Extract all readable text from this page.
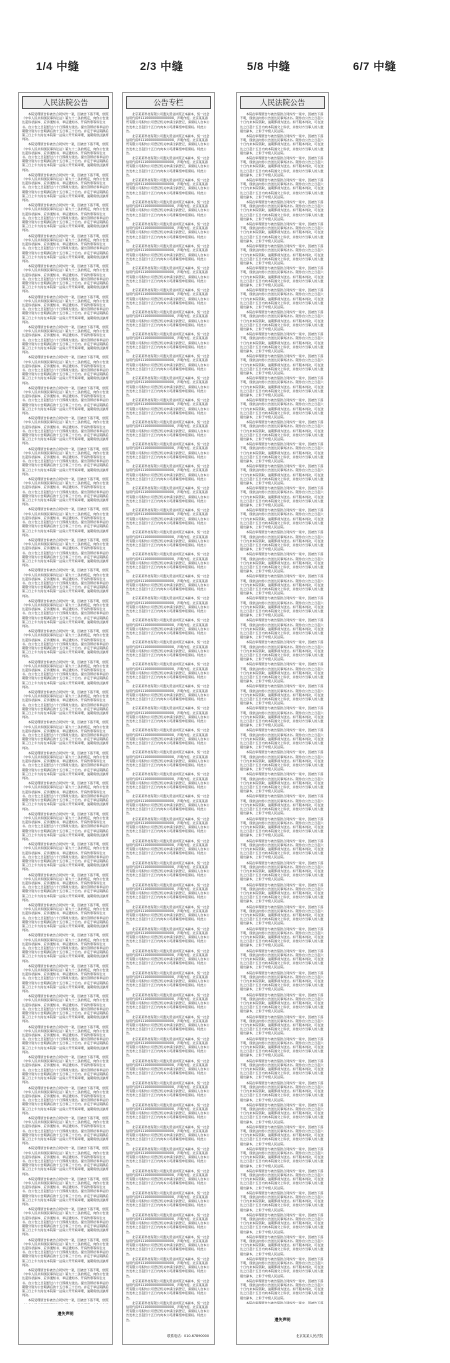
1/4 中缝	2/3 中缝	5/8 中缝	6/7 中缝
人民法院公告

本院受理原告诉被告合同纠纷一案，因被告下落不明，依照《中华人民共和国民事诉讼法》第九十二条的规定，向你公告送达起诉状副本、应诉通知书、举证通知书、开庭传票等诉讼文书。自公告之日起经过六十日即视为送达。提出答辩状和举证的期限分别为公告期满后的十五日和三十日内。并定于举证期满后第三日上午九时在本院第一法庭公开开庭审理，逾期将依法缺席判决。

本院受理原告诉被告合同纠纷一案，因被告下落不明，依照《中华人民共和国民事诉讼法》第九十二条的规定，向你公告送达起诉状副本、应诉通知书、举证通知书、开庭传票等诉讼文书。自公告之日起经过六十日即视为送达。提出答辩状和举证的期限分别为公告期满后的十五日和三十日内。并定于举证期满后第三日上午九时在本院第一法庭公开开庭审理，逾期将依法缺席判决。

本院受理原告诉被告合同纠纷一案，因被告下落不明，依照《中华人民共和国民事诉讼法》第九十二条的规定，向你公告送达起诉状副本、应诉通知书、举证通知书、开庭传票等诉讼文书。自公告之日起经过六十日即视为送达。提出答辩状和举证的期限分别为公告期满后的十五日和三十日内。并定于举证期满后第三日上午九时在本院第一法庭公开开庭审理，逾期将依法缺席判决。

本院受理原告诉被告合同纠纷一案，因被告下落不明，依照《中华人民共和国民事诉讼法》第九十二条的规定，向你公告送达起诉状副本、应诉通知书、举证通知书、开庭传票等诉讼文书。自公告之日起经过六十日即视为送达。提出答辩状和举证的期限分别为公告期满后的十五日和三十日内。并定于举证期满后第三日上午九时在本院第一法庭公开开庭审理，逾期将依法缺席判决。

本院受理原告诉被告合同纠纷一案，因被告下落不明，依照《中华人民共和国民事诉讼法》第九十二条的规定，向你公告送达起诉状副本、应诉通知书、举证通知书、开庭传票等诉讼文书。自公告之日起经过六十日即视为送达。提出答辩状和举证的期限分别为公告期满后的十五日和三十日内。并定于举证期满后第三日上午九时在本院第一法庭公开开庭审理，逾期将依法缺席判决。

本院受理原告诉被告合同纠纷一案，因被告下落不明，依照《中华人民共和国民事诉讼法》第九十二条的规定，向你公告送达起诉状副本、应诉通知书、举证通知书、开庭传票等诉讼文书。自公告之日起经过六十日即视为送达。提出答辩状和举证的期限分别为公告期满后的十五日和三十日内。并定于举证期满后第三日上午九时在本院第一法庭公开开庭审理，逾期将依法缺席判决。

本院受理原告诉被告合同纠纷一案，因被告下落不明，依照《中华人民共和国民事诉讼法》第九十二条的规定，向你公告送达起诉状副本、应诉通知书、举证通知书、开庭传票等诉讼文书。自公告之日起经过六十日即视为送达。提出答辩状和举证的期限分别为公告期满后的十五日和三十日内。并定于举证期满后第三日上午九时在本院第一法庭公开开庭审理，逾期将依法缺席判决。

本院受理原告诉被告合同纠纷一案，因被告下落不明，依照《中华人民共和国民事诉讼法》第九十二条的规定，向你公告送达起诉状副本、应诉通知书、举证通知书、开庭传票等诉讼文书。自公告之日起经过六十日即视为送达。提出答辩状和举证的期限分别为公告期满后的十五日和三十日内。并定于举证期满后第三日上午九时在本院第一法庭公开开庭审理，逾期将依法缺席判决。

本院受理原告诉被告合同纠纷一案，因被告下落不明，依照《中华人民共和国民事诉讼法》第九十二条的规定，向你公告送达起诉状副本、应诉通知书、举证通知书、开庭传票等诉讼文书。自公告之日起经过六十日即视为送达。提出答辩状和举证的期限分别为公告期满后的十五日和三十日内。并定于举证期满后第三日上午九时在本院第一法庭公开开庭审理，逾期将依法缺席判决。

本院受理原告诉被告合同纠纷一案，因被告下落不明，依照《中华人民共和国民事诉讼法》第九十二条的规定，向你公告送达起诉状副本、应诉通知书、举证通知书、开庭传票等诉讼文书。自公告之日起经过六十日即视为送达。提出答辩状和举证的期限分别为公告期满后的十五日和三十日内。并定于举证期满后第三日上午九时在本院第一法庭公开开庭审理，逾期将依法缺席判决。

本院受理原告诉被告合同纠纷一案，因被告下落不明，依照《中华人民共和国民事诉讼法》第九十二条的规定，向你公告送达起诉状副本、应诉通知书、举证通知书、开庭传票等诉讼文书。自公告之日起经过六十日即视为送达。提出答辩状和举证的期限分别为公告期满后的十五日和三十日内。并定于举证期满后第三日上午九时在本院第一法庭公开开庭审理，逾期将依法缺席判决。

本院受理原告诉被告合同纠纷一案，因被告下落不明，依照《中华人民共和国民事诉讼法》第九十二条的规定，向你公告送达起诉状副本、应诉通知书、举证通知书、开庭传票等诉讼文书。自公告之日起经过六十日即视为送达。提出答辩状和举证的期限分别为公告期满后的十五日和三十日内。并定于举证期满后第三日上午九时在本院第一法庭公开开庭审理，逾期将依法缺席判决。

本院受理原告诉被告合同纠纷一案，因被告下落不明，依照《中华人民共和国民事诉讼法》第九十二条的规定，向你公告送达起诉状副本、应诉通知书、举证通知书、开庭传票等诉讼文书。自公告之日起经过六十日即视为送达。提出答辩状和举证的期限分别为公告期满后的十五日和三十日内。并定于举证期满后第三日上午九时在本院第一法庭公开开庭审理，逾期将依法缺席判决。

本院受理原告诉被告合同纠纷一案，因被告下落不明，依照《中华人民共和国民事诉讼法》第九十二条的规定，向你公告送达起诉状副本、应诉通知书、举证通知书、开庭传票等诉讼文书。自公告之日起经过六十日即视为送达。提出答辩状和举证的期限分别为公告期满后的十五日和三十日内。并定于举证期满后第三日上午九时在本院第一法庭公开开庭审理，逾期将依法缺席判决。

本院受理原告诉被告合同纠纷一案，因被告下落不明，依照《中华人民共和国民事诉讼法》第九十二条的规定，向你公告送达起诉状副本、应诉通知书、举证通知书、开庭传票等诉讼文书。自公告之日起经过六十日即视为送达。提出答辩状和举证的期限分别为公告期满后的十五日和三十日内。并定于举证期满后第三日上午九时在本院第一法庭公开开庭审理，逾期将依法缺席判决。

本院受理原告诉被告合同纠纷一案，因被告下落不明，依照《中华人民共和国民事诉讼法》第九十二条的规定，向你公告送达起诉状副本、应诉通知书、举证通知书、开庭传票等诉讼文书。自公告之日起经过六十日即视为送达。提出答辩状和举证的期限分别为公告期满后的十五日和三十日内。并定于举证期满后第三日上午九时在本院第一法庭公开开庭审理，逾期将依法缺席判决。

本院受理原告诉被告合同纠纷一案，因被告下落不明，依照《中华人民共和国民事诉讼法》第九十二条的规定，向你公告送达起诉状副本、应诉通知书、举证通知书、开庭传票等诉讼文书。自公告之日起经过六十日即视为送达。提出答辩状和举证的期限分别为公告期满后的十五日和三十日内。并定于举证期满后第三日上午九时在本院第一法庭公开开庭审理，逾期将依法缺席判决。

本院受理原告诉被告合同纠纷一案，因被告下落不明，依照《中华人民共和国民事诉讼法》第九十二条的规定，向你公告送达起诉状副本、应诉通知书、举证通知书、开庭传票等诉讼文书。自公告之日起经过六十日即视为送达。提出答辩状和举证的期限分别为公告期满后的十五日和三十日内。并定于举证期满后第三日上午九时在本院第一法庭公开开庭审理，逾期将依法缺席判决。

本院受理原告诉被告合同纠纷一案，因被告下落不明，依照《中华人民共和国民事诉讼法》第九十二条的规定，向你公告送达起诉状副本、应诉通知书、举证通知书、开庭传票等诉讼文书。自公告之日起经过六十日即视为送达。提出答辩状和举证的期限分别为公告期满后的十五日和三十日内。并定于举证期满后第三日上午九时在本院第一法庭公开开庭审理，逾期将依法缺席判决。

本院受理原告诉被告合同纠纷一案，因被告下落不明，依照《中华人民共和国民事诉讼法》第九十二条的规定，向你公告送达起诉状副本、应诉通知书、举证通知书、开庭传票等诉讼文书。自公告之日起经过六十日即视为送达。提出答辩状和举证的期限分别为公告期满后的十五日和三十日内。并定于举证期满后第三日上午九时在本院第一法庭公开开庭审理，逾期将依法缺席判决。

本院受理原告诉被告合同纠纷一案，因被告下落不明，依照《中华人民共和国民事诉讼法》第九十二条的规定，向你公告送达起诉状副本、应诉通知书、举证通知书、开庭传票等诉讼文书。自公告之日起经过六十日即视为送达。提出答辩状和举证的期限分别为公告期满后的十五日和三十日内。并定于举证期满后第三日上午九时在本院第一法庭公开开庭审理，逾期将依法缺席判决。

本院受理原告诉被告合同纠纷一案，因被告下落不明，依照《中华人民共和国民事诉讼法》第九十二条的规定，向你公告送达起诉状副本、应诉通知书、举证通知书、开庭传票等诉讼文书。自公告之日起经过六十日即视为送达。提出答辩状和举证的期限分别为公告期满后的十五日和三十日内。并定于举证期满后第三日上午九时在本院第一法庭公开开庭审理，逾期将依法缺席判决。

本院受理原告诉被告合同纠纷一案，因被告下落不明，依照《中华人民共和国民事诉讼法》第九十二条的规定，向你公告送达起诉状副本、应诉通知书、举证通知书、开庭传票等诉讼文书。自公告之日起经过六十日即视为送达。提出答辩状和举证的期限分别为公告期满后的十五日和三十日内。并定于举证期满后第三日上午九时在本院第一法庭公开开庭审理，逾期将依法缺席判决。

本院受理原告诉被告合同纠纷一案，因被告下落不明，依照《中华人民共和国民事诉讼法》第九十二条的规定，向你公告送达起诉状副本、应诉通知书、举证通知书、开庭传票等诉讼文书。自公告之日起经过六十日即视为送达。提出答辩状和举证的期限分别为公告期满后的十五日和三十日内。并定于举证期满后第三日上午九时在本院第一法庭公开开庭审理，逾期将依法缺席判决。

本院受理原告诉被告合同纠纷一案，因被告下落不明，依照《中华人民共和国民事诉讼法》第九十二条的规定，向你公告送达起诉状副本、应诉通知书、举证通知书、开庭传票等诉讼文书。自公告之日起经过六十日即视为送达。提出答辩状和举证的期限分别为公告期满后的十五日和三十日内。并定于举证期满后第三日上午九时在本院第一法庭公开开庭审理，逾期将依法缺席判决。

本院受理原告诉被告合同纠纷一案，因被告下落不明，依照《中华人民共和国民事诉讼法》第九十二条的规定，向你公告送达起诉状副本、应诉通知书、举证通知书、开庭传票等诉讼文书。自公告之日起经过六十日即视为送达。提出答辩状和举证的期限分别为公告期满后的十五日和三十日内。并定于举证期满后第三日上午九时在本院第一法庭公开开庭审理，逾期将依法缺席判决。

本院受理原告诉被告合同纠纷一案，因被告下落不明，依照《中华人民共和国民事诉讼法》第九十二条的规定，向你公告送达起诉状副本、应诉通知书、举证通知书、开庭传票等诉讼文书。自公告之日起经过六十日即视为送达。提出答辩状和举证的期限分别为公告期满后的十五日和三十日内。并定于举证期满后第三日上午九时在本院第一法庭公开开庭审理，逾期将依法缺席判决。

本院受理原告诉被告合同纠纷一案，因被告下落不明，依照《中华人民共和国民事诉讼法》第九十二条的规定，向你公告送达起诉状副本、应诉通知书、举证通知书、开庭传票等诉讼文书。自公告之日起经过六十日即视为送达。提出答辩状和举证的期限分别为公告期满后的十五日和三十日内。并定于举证期满后第三日上午九时在本院第一法庭公开开庭审理，逾期将依法缺席判决。

本院受理原告诉被告合同纠纷一案，因被告下落不明，依照《中华人民共和国民事诉讼法》第九十二条的规定，向你公告送达起诉状副本、应诉通知书、举证通知书、开庭传票等诉讼文书。自公告之日起经过六十日即视为送达。提出答辩状和举证的期限分别为公告期满后的十五日和三十日内。并定于举证期满后第三日上午九时在本院第一法庭公开开庭审理，逾期将依法缺席判决。

本院受理原告诉被告合同纠纷一案，因被告下落不明，依照《中华人民共和国民事诉讼法》第九十二条的规定，向你公告送达起诉状副本、应诉通知书、举证通知书、开庭传票等诉讼文书。自公告之日起经过六十日即视为送达。提出答辩状和举证的期限分别为公告期满后的十五日和三十日内。并定于举证期满后第三日上午九时在本院第一法庭公开开庭审理，逾期将依法缺席判决。

本院受理原告诉被告合同纠纷一案，因被告下落不明，依照《中华人民共和国民事诉讼法》第九十二条的规定，向你公告送达起诉状副本、应诉通知书、举证通知书、开庭传票等诉讼文书。自公告之日起经过六十日即视为送达。提出答辩状和举证的期限分别为公告期满后的十五日和三十日内。并定于举证期满后第三日上午九时在本院第一法庭公开开庭审理，逾期将依法缺席判决。

本院受理原告诉被告合同纠纷一案，因被告下落不明，依照《中华人民共和国民事诉讼法》第九十二条的规定，向你公告送达起诉状副本、应诉通知书、举证通知书、开庭传票等诉讼文书。自公告之日起经过六十日即视为送达。提出答辩状和举证的期限分别为公告期满后的十五日和三十日内。并定于举证期满后第三日上午九时在本院第一法庭公开开庭审理，逾期将依法缺席判决。

本院受理原告诉被告合同纠纷一案，因被告下落不明，依照《中华人民共和国民事诉讼法》第九十二条的规定，向你公告送达起诉状副本、应诉通知书、举证通知书、开庭传票等诉讼文书。自公告之日起经过六十日即视为送达。提出答辩状和举证的期限分别为公告期满后的十五日和三十日内。并定于举证期满后第三日上午九时在本院第一法庭公开开庭审理，逾期将依法缺席判决。

本院受理原告诉被告合同纠纷一案，因被告下落不明，依照《中华人民共和国民事诉讼法》第九十二条的规定，向你公告送达起诉状副本、应诉通知书、举证通知书、开庭传票等诉讼文书。自公告之日起经过六十日即视为送达。提出答辩状和举证的期限分别为公告期满后的十五日和三十日内。并定于举证期满后第三日上午九时在本院第一法庭公开开庭审理，逾期将依法缺席判决。

本院受理原告诉被告合同纠纷一案，因被告下落不明，依照《中华人民共和国民事诉讼法》第九十二条的规定，向你公告送达起诉状副本、应诉通知书、举证通知书、开庭传票等诉讼文书。自公告之日起经过六十日即视为送达。提出答辩状和举证的期限分别为公告期满后的十五日和三十日内。并定于举证期满后第三日上午九时在本院第一法庭公开开庭审理，逾期将依法缺席判决。

本院受理原告诉被告合同纠纷一案，因被告下落不明，依照《中华人民共和国民事诉讼法》第九十二条的规定，向你公告送达起诉状副本、应诉通知书、举证通知书、开庭传票等诉讼文书。自公告之日起经过六十日即视为送达。提出答辩状和举证的期限分别为公告期满后的十五日和三十日内。并定于举证期满后第三日上午九时在本院第一法庭公开开庭审理，逾期将依法缺席判决。

本院受理原告诉被告合同纠纷一案，因被告下落不明，依照《中华人民共和国民事诉讼法》第九十二条的规定，向你公告送达起诉状副本、应诉通知书、举证通知书、开庭传票等诉讼文书。自公告之日起经过六十日即视为送达。提出答辩状和举证的期限分别为公告期满后的十五日和三十日内。并定于举证期满后第三日上午九时在本院第一法庭公开开庭审理，逾期将依法缺席判决。

本院受理原告诉被告合同纠纷一案，因被告下落不明，依照《中华人民共和国民事诉讼法》第九十二条的规定，向你公告送达起诉状副本、应诉通知书、举证通知书、开庭传票等诉讼文书。自公告之日起经过六十日即视为送达。提出答辩状和举证的期限分别为公告期满后的十五日和三十日内。并定于举证期满后第三日上午九时在本院第一法庭公开开庭审理，逾期将依法缺席判决。

本院受理原告诉被告合同纠纷一案，因被告下落不明，依照《中华人民共和国民事诉讼法》第九十二条的规定，向你公告送达起诉状副本、应诉通知书、举证通知书、开庭传票等诉讼文书。自公告之日起经过六十日即视为送达。提出答辩状和举证的期限分别为公告期满后的十五日和三十日内。并定于举证期满后第三日上午九时在本院第一法庭公开开庭审理，逾期将依法缺席判决。

本院受理原告诉被告合同纠纷一案，因被告下落不明，依照

遗失声明
公告专栏

北京某某科技有限公司遗失营业执照正本副本，统一社会信用代码91110000000000000X，声明作废。北京某某商贸有限公司拟向公司登记机关申请注销登记，请债权人自本公告发布之日起四十五日内向本公司清算组申报债权。特此公告。

北京某某科技有限公司遗失营业执照正本副本，统一社会信用代码91110000000000000X，声明作废。北京某某商贸有限公司拟向公司登记机关申请注销登记，请债权人自本公告发布之日起四十五日内向本公司清算组申报债权。特此公告。

北京某某科技有限公司遗失营业执照正本副本，统一社会信用代码91110000000000000X，声明作废。北京某某商贸有限公司拟向公司登记机关申请注销登记，请债权人自本公告发布之日起四十五日内向本公司清算组申报债权。特此公告。

北京某某科技有限公司遗失营业执照正本副本，统一社会信用代码91110000000000000X，声明作废。北京某某商贸有限公司拟向公司登记机关申请注销登记，请债权人自本公告发布之日起四十五日内向本公司清算组申报债权。特此公告。

北京某某科技有限公司遗失营业执照正本副本，统一社会信用代码91110000000000000X，声明作废。北京某某商贸有限公司拟向公司登记机关申请注销登记，请债权人自本公告发布之日起四十五日内向本公司清算组申报债权。特此公告。

北京某某科技有限公司遗失营业执照正本副本，统一社会信用代码91110000000000000X，声明作废。北京某某商贸有限公司拟向公司登记机关申请注销登记，请债权人自本公告发布之日起四十五日内向本公司清算组申报债权。特此公告。

北京某某科技有限公司遗失营业执照正本副本，统一社会信用代码91110000000000000X，声明作废。北京某某商贸有限公司拟向公司登记机关申请注销登记，请债权人自本公告发布之日起四十五日内向本公司清算组申报债权。特此公告。

北京某某科技有限公司遗失营业执照正本副本，统一社会信用代码91110000000000000X，声明作废。北京某某商贸有限公司拟向公司登记机关申请注销登记，请债权人自本公告发布之日起四十五日内向本公司清算组申报债权。特此公告。

北京某某科技有限公司遗失营业执照正本副本，统一社会信用代码91110000000000000X，声明作废。北京某某商贸有限公司拟向公司登记机关申请注销登记，请债权人自本公告发布之日起四十五日内向本公司清算组申报债权。特此公告。

北京某某科技有限公司遗失营业执照正本副本，统一社会信用代码91110000000000000X，声明作废。北京某某商贸有限公司拟向公司登记机关申请注销登记，请债权人自本公告发布之日起四十五日内向本公司清算组申报债权。特此公告。

北京某某科技有限公司遗失营业执照正本副本，统一社会信用代码91110000000000000X，声明作废。北京某某商贸有限公司拟向公司登记机关申请注销登记，请债权人自本公告发布之日起四十五日内向本公司清算组申报债权。特此公告。

北京某某科技有限公司遗失营业执照正本副本，统一社会信用代码91110000000000000X，声明作废。北京某某商贸有限公司拟向公司登记机关申请注销登记，请债权人自本公告发布之日起四十五日内向本公司清算组申报债权。特此公告。

北京某某科技有限公司遗失营业执照正本副本，统一社会信用代码91110000000000000X，声明作废。北京某某商贸有限公司拟向公司登记机关申请注销登记，请债权人自本公告发布之日起四十五日内向本公司清算组申报债权。特此公告。

北京某某科技有限公司遗失营业执照正本副本，统一社会信用代码91110000000000000X，声明作废。北京某某商贸有限公司拟向公司登记机关申请注销登记，请债权人自本公告发布之日起四十五日内向本公司清算组申报债权。特此公告。

北京某某科技有限公司遗失营业执照正本副本，统一社会信用代码91110000000000000X，声明作废。北京某某商贸有限公司拟向公司登记机关申请注销登记，请债权人自本公告发布之日起四十五日内向本公司清算组申报债权。特此公告。

北京某某科技有限公司遗失营业执照正本副本，统一社会信用代码91110000000000000X，声明作废。北京某某商贸有限公司拟向公司登记机关申请注销登记，请债权人自本公告发布之日起四十五日内向本公司清算组申报债权。特此公告。

北京某某科技有限公司遗失营业执照正本副本，统一社会信用代码91110000000000000X，声明作废。北京某某商贸有限公司拟向公司登记机关申请注销登记，请债权人自本公告发布之日起四十五日内向本公司清算组申报债权。特此公告。

北京某某科技有限公司遗失营业执照正本副本，统一社会信用代码91110000000000000X，声明作废。北京某某商贸有限公司拟向公司登记机关申请注销登记，请债权人自本公告发布之日起四十五日内向本公司清算组申报债权。特此公告。

北京某某科技有限公司遗失营业执照正本副本，统一社会信用代码91110000000000000X，声明作废。北京某某商贸有限公司拟向公司登记机关申请注销登记，请债权人自本公告发布之日起四十五日内向本公司清算组申报债权。特此公告。

北京某某科技有限公司遗失营业执照正本副本，统一社会信用代码91110000000000000X，声明作废。北京某某商贸有限公司拟向公司登记机关申请注销登记，请债权人自本公告发布之日起四十五日内向本公司清算组申报债权。特此公告。

北京某某科技有限公司遗失营业执照正本副本，统一社会信用代码91110000000000000X，声明作废。北京某某商贸有限公司拟向公司登记机关申请注销登记，请债权人自本公告发布之日起四十五日内向本公司清算组申报债权。特此公告。

北京某某科技有限公司遗失营业执照正本副本，统一社会信用代码91110000000000000X，声明作废。北京某某商贸有限公司拟向公司登记机关申请注销登记，请债权人自本公告发布之日起四十五日内向本公司清算组申报债权。特此公告。

北京某某科技有限公司遗失营业执照正本副本，统一社会信用代码91110000000000000X，声明作废。北京某某商贸有限公司拟向公司登记机关申请注销登记，请债权人自本公告发布之日起四十五日内向本公司清算组申报债权。特此公告。

北京某某科技有限公司遗失营业执照正本副本，统一社会信用代码91110000000000000X，声明作废。北京某某商贸有限公司拟向公司登记机关申请注销登记，请债权人自本公告发布之日起四十五日内向本公司清算组申报债权。特此公告。

北京某某科技有限公司遗失营业执照正本副本，统一社会信用代码91110000000000000X，声明作废。北京某某商贸有限公司拟向公司登记机关申请注销登记，请债权人自本公告发布之日起四十五日内向本公司清算组申报债权。特此公告。

北京某某科技有限公司遗失营业执照正本副本，统一社会信用代码91110000000000000X，声明作废。北京某某商贸有限公司拟向公司登记机关申请注销登记，请债权人自本公告发布之日起四十五日内向本公司清算组申报债权。特此公告。

北京某某科技有限公司遗失营业执照正本副本，统一社会信用代码91110000000000000X，声明作废。北京某某商贸有限公司拟向公司登记机关申请注销登记，请债权人自本公告发布之日起四十五日内向本公司清算组申报债权。特此公告。

北京某某科技有限公司遗失营业执照正本副本，统一社会信用代码91110000000000000X，声明作废。北京某某商贸有限公司拟向公司登记机关申请注销登记，请债权人自本公告发布之日起四十五日内向本公司清算组申报债权。特此公告。

北京某某科技有限公司遗失营业执照正本副本，统一社会信用代码91110000000000000X，声明作废。北京某某商贸有限公司拟向公司登记机关申请注销登记，请债权人自本公告发布之日起四十五日内向本公司清算组申报债权。特此公告。

北京某某科技有限公司遗失营业执照正本副本，统一社会信用代码91110000000000000X，声明作废。北京某某商贸有限公司拟向公司登记机关申请注销登记，请债权人自本公告发布之日起四十五日内向本公司清算组申报债权。特此公告。

北京某某科技有限公司遗失营业执照正本副本，统一社会信用代码91110000000000000X，声明作废。北京某某商贸有限公司拟向公司登记机关申请注销登记，请债权人自本公告发布之日起四十五日内向本公司清算组申报债权。特此公告。

北京某某科技有限公司遗失营业执照正本副本，统一社会信用代码91110000000000000X，声明作废。北京某某商贸有限公司拟向公司登记机关申请注销登记，请债权人自本公告发布之日起四十五日内向本公司清算组申报债权。特此公告。

北京某某科技有限公司遗失营业执照正本副本，统一社会信用代码91110000000000000X，声明作废。北京某某商贸有限公司拟向公司登记机关申请注销登记，请债权人自本公告发布之日起四十五日内向本公司清算组申报债权。特此公告。

北京某某科技有限公司遗失营业执照正本副本，统一社会信用代码91110000000000000X，声明作废。北京某某商贸有限公司拟向公司登记机关申请注销登记，请债权人自本公告发布之日起四十五日内向本公司清算组申报债权。特此公告。

北京某某科技有限公司遗失营业执照正本副本，统一社会信用代码91110000000000000X，声明作废。北京某某商贸有限公司拟向公司登记机关申请注销登记，请债权人自本公告发布之日起四十五日内向本公司清算组申报债权。特此公告。

北京某某科技有限公司遗失营业执照正本副本，统一社会信用代码91110000000000000X，声明作废。北京某某商贸有限公司拟向公司登记机关申请注销登记，请债权人自本公告发布之日起四十五日内向本公司清算组申报债权。特此公告。

北京某某科技有限公司遗失营业执照正本副本，统一社会信用代码91110000000000000X，声明作废。北京某某商贸有限公司拟向公司登记机关申请注销登记，请债权人自本公告发布之日起四十五日内向本公司清算组申报债权。特此公告。

北京某某科技有限公司遗失营业执照正本副本，统一社会信用代码91110000000000000X，声明作废。北京某某商贸有限公司拟向公司登记机关申请注销登记，请债权人自本公告发布之日起四十五日内向本公司清算组申报债权。特此公告。

北京某某科技有限公司遗失营业执照正本副本，统一社会信用代码91110000000000000X，声明作废。北京某某商贸有限公司拟向公司登记机关申请注销登记，请债权人自本公告发布之日起四十五日内向本公司清算组申报债权。特此公告。

北京某某科技有限公司遗失营业执照正本副本，统一社会信用代码91110000000000000X，声明作废。北京某某商贸有限公司拟向公司登记机关申请注销登记，请债权人自本公告发布之日起四十五日内向本公司清算组申报债权。特此公告。

北京某某科技有限公司遗失营业执照正本副本，统一社会信用代码91110000000000000X，声明作废。北京某某商贸有限公司拟向公司登记机关申请注销登记，请债权人自本公告发布之日起四十五日内向本公司清算组申报债权。特此公告。

北京某某科技有限公司遗失营业执照正本副本，统一社会信用代码91110000000000000X，声明作废。北京某某商贸有限公司拟向公司登记机关申请注销登记，请债权人自本公告发布之日起四十五日内向本公司清算组申报债权。特此公告。

北京某某科技有限公司遗失营业执照正本副本，统一社会信用代码91110000000000000X，声明作废。北京某某商贸有限公司拟向公司登记机关申请注销登记，请债权人自本公告发布之日起四十五日内向本公司清算组申报债权。特此公告。

北京某某科技有限公司遗失营业执照正本副本，统一社会信用代码91110000000000000X，声明作废。北京某某商贸有限公司拟向公司登记机关申请注销登记，请债权人自本公告发布之日起四十五日内向本公司清算组申报债权。特此公告。

北京某某科技有限公司遗失营业执照正本副本，统一社会信用代码91110000000000000X，声明作废。北京某某商贸有限公司拟向公司登记机关申请注销登记，请债权人自本公告发布之日起四十五日内向本公司清算组申报债权。特此公告。

北京某某科技有限公司遗失营业执照正本副本，统一社会信用代码91110000000000000X，声明作废。北京某某商贸有限公司拟向公司登记机关申请注销登记，请债权人自本公告发布之日起四十五日内向本公司清算组申报债权。特此公告。

北京某某科技有限公司遗失营业执照正本副本，统一社会信用代码91110000000000000X，声明作废。北京某某商贸有限公司拟向公司登记机关申请注销登记，请债权人自本公告发布之日起四十五日内向本公司清算组申报债权。特此公告。

北京某某科技有限公司遗失营业执照正本副本，统一社会信用代码91110000000000000X，声明作废。北京某某商贸有限公司拟向公司登记机关申请注销登记，请债权人自本公告发布之日起四十五日内向本公司清算组申报债权。特此公告。

北京某某科技有限公司遗失营业执照正本副本，统一社会信用代码91110000000000000X，声明作废。北京某某商贸有限公司拟向公司登记机关申请注销登记，请债权人自本公告发布之日起四十五日内向本公司清算组申报债权。特此公告。

北京某某科技有限公司遗失营业执照正本副本，统一社会信用代码91110000000000000X，声明作废。北京某某商贸有限公司拟向公司登记机关申请注销登记，请债权人自本公告发布之日起四十五日内向本公司清算组申报债权。特此公告。

北京某某科技有限公司遗失营业执照正本副本，统一社会信用代码91110000000000000X，声明作废。北京某某商贸有限公司拟向公司登记机关申请注销登记，请债权人自本公告发布之日起四十五日内向本公司清算组申报债权。特此公告。

北京某某科技有限公司遗失营业执照正本副本，统一社会信用代码91110000000000000X，声明作废。北京某某商贸有限公司拟向公司登记机关申请注销登记，请债权人自本公告发布之日起四十五日内向本公司清算组申报债权。特此公告。

北京某某科技有限公司遗失营业执照正本副本，统一社会信用代码91110000000000000X，声明作废。北京某某商贸有限公司拟向公司登记机关申请注销登记，请债权人自本公告发布之日起四十五日内向本公司清算组申报债权。特此公告。

北京某某科技有限公司遗失营业执照正本副本，统一社会信用代码91110000000000000X，声明作废。北京某某商贸有限公司拟向公司登记机关申请注销登记，请债权人自本公告发布之日起四十五日内向本公司清算组申报债权。特此公告。

北京某某科技有限公司遗失营业执照正本副本，统一社会信用代码91110000000000000X，声明作废。北京某某商贸有限公司拟向公司登记机关申请注销登记，请债权人自本公告发布之日起四十五日内向本公司清算组申报债权。特此公告。

联系电话：010-67890000
人民法院公告

本院在审理原告与被告借款合同纠纷一案中，因被告下落不明，现依法向你公告送达民事判决书。限你自公告之日起六十日内来本院领取，逾期即视为送达。如不服本判决，可在送达之日起十五日内向本院递交上诉状，并按对方当事人的人数提出副本，上诉于中级人民法院。

本院在审理原告与被告借款合同纠纷一案中，因被告下落不明，现依法向你公告送达民事判决书。限你自公告之日起六十日内来本院领取，逾期即视为送达。如不服本判决，可在送达之日起十五日内向本院递交上诉状，并按对方当事人的人数提出副本，上诉于中级人民法院。

本院在审理原告与被告借款合同纠纷一案中，因被告下落不明，现依法向你公告送达民事判决书。限你自公告之日起六十日内来本院领取，逾期即视为送达。如不服本判决，可在送达之日起十五日内向本院递交上诉状，并按对方当事人的人数提出副本，上诉于中级人民法院。

本院在审理原告与被告借款合同纠纷一案中，因被告下落不明，现依法向你公告送达民事判决书。限你自公告之日起六十日内来本院领取，逾期即视为送达。如不服本判决，可在送达之日起十五日内向本院递交上诉状，并按对方当事人的人数提出副本，上诉于中级人民法院。

本院在审理原告与被告借款合同纠纷一案中，因被告下落不明，现依法向你公告送达民事判决书。限你自公告之日起六十日内来本院领取，逾期即视为送达。如不服本判决，可在送达之日起十五日内向本院递交上诉状，并按对方当事人的人数提出副本，上诉于中级人民法院。

本院在审理原告与被告借款合同纠纷一案中，因被告下落不明，现依法向你公告送达民事判决书。限你自公告之日起六十日内来本院领取，逾期即视为送达。如不服本判决，可在送达之日起十五日内向本院递交上诉状，并按对方当事人的人数提出副本，上诉于中级人民法院。

本院在审理原告与被告借款合同纠纷一案中，因被告下落不明，现依法向你公告送达民事判决书。限你自公告之日起六十日内来本院领取，逾期即视为送达。如不服本判决，可在送达之日起十五日内向本院递交上诉状，并按对方当事人的人数提出副本，上诉于中级人民法院。

本院在审理原告与被告借款合同纠纷一案中，因被告下落不明，现依法向你公告送达民事判决书。限你自公告之日起六十日内来本院领取，逾期即视为送达。如不服本判决，可在送达之日起十五日内向本院递交上诉状，并按对方当事人的人数提出副本，上诉于中级人民法院。

本院在审理原告与被告借款合同纠纷一案中，因被告下落不明，现依法向你公告送达民事判决书。限你自公告之日起六十日内来本院领取，逾期即视为送达。如不服本判决，可在送达之日起十五日内向本院递交上诉状，并按对方当事人的人数提出副本，上诉于中级人民法院。

本院在审理原告与被告借款合同纠纷一案中，因被告下落不明，现依法向你公告送达民事判决书。限你自公告之日起六十日内来本院领取，逾期即视为送达。如不服本判决，可在送达之日起十五日内向本院递交上诉状，并按对方当事人的人数提出副本，上诉于中级人民法院。

本院在审理原告与被告借款合同纠纷一案中，因被告下落不明，现依法向你公告送达民事判决书。限你自公告之日起六十日内来本院领取，逾期即视为送达。如不服本判决，可在送达之日起十五日内向本院递交上诉状，并按对方当事人的人数提出副本，上诉于中级人民法院。

本院在审理原告与被告借款合同纠纷一案中，因被告下落不明，现依法向你公告送达民事判决书。限你自公告之日起六十日内来本院领取，逾期即视为送达。如不服本判决，可在送达之日起十五日内向本院递交上诉状，并按对方当事人的人数提出副本，上诉于中级人民法院。

本院在审理原告与被告借款合同纠纷一案中，因被告下落不明，现依法向你公告送达民事判决书。限你自公告之日起六十日内来本院领取，逾期即视为送达。如不服本判决，可在送达之日起十五日内向本院递交上诉状，并按对方当事人的人数提出副本，上诉于中级人民法院。

本院在审理原告与被告借款合同纠纷一案中，因被告下落不明，现依法向你公告送达民事判决书。限你自公告之日起六十日内来本院领取，逾期即视为送达。如不服本判决，可在送达之日起十五日内向本院递交上诉状，并按对方当事人的人数提出副本，上诉于中级人民法院。

本院在审理原告与被告借款合同纠纷一案中，因被告下落不明，现依法向你公告送达民事判决书。限你自公告之日起六十日内来本院领取，逾期即视为送达。如不服本判决，可在送达之日起十五日内向本院递交上诉状，并按对方当事人的人数提出副本，上诉于中级人民法院。

本院在审理原告与被告借款合同纠纷一案中，因被告下落不明，现依法向你公告送达民事判决书。限你自公告之日起六十日内来本院领取，逾期即视为送达。如不服本判决，可在送达之日起十五日内向本院递交上诉状，并按对方当事人的人数提出副本，上诉于中级人民法院。

本院在审理原告与被告借款合同纠纷一案中，因被告下落不明，现依法向你公告送达民事判决书。限你自公告之日起六十日内来本院领取，逾期即视为送达。如不服本判决，可在送达之日起十五日内向本院递交上诉状，并按对方当事人的人数提出副本，上诉于中级人民法院。

本院在审理原告与被告借款合同纠纷一案中，因被告下落不明，现依法向你公告送达民事判决书。限你自公告之日起六十日内来本院领取，逾期即视为送达。如不服本判决，可在送达之日起十五日内向本院递交上诉状，并按对方当事人的人数提出副本，上诉于中级人民法院。

本院在审理原告与被告借款合同纠纷一案中，因被告下落不明，现依法向你公告送达民事判决书。限你自公告之日起六十日内来本院领取，逾期即视为送达。如不服本判决，可在送达之日起十五日内向本院递交上诉状，并按对方当事人的人数提出副本，上诉于中级人民法院。

本院在审理原告与被告借款合同纠纷一案中，因被告下落不明，现依法向你公告送达民事判决书。限你自公告之日起六十日内来本院领取，逾期即视为送达。如不服本判决，可在送达之日起十五日内向本院递交上诉状，并按对方当事人的人数提出副本，上诉于中级人民法院。

本院在审理原告与被告借款合同纠纷一案中，因被告下落不明，现依法向你公告送达民事判决书。限你自公告之日起六十日内来本院领取，逾期即视为送达。如不服本判决，可在送达之日起十五日内向本院递交上诉状，并按对方当事人的人数提出副本，上诉于中级人民法院。

本院在审理原告与被告借款合同纠纷一案中，因被告下落不明，现依法向你公告送达民事判决书。限你自公告之日起六十日内来本院领取，逾期即视为送达。如不服本判决，可在送达之日起十五日内向本院递交上诉状，并按对方当事人的人数提出副本，上诉于中级人民法院。

本院在审理原告与被告借款合同纠纷一案中，因被告下落不明，现依法向你公告送达民事判决书。限你自公告之日起六十日内来本院领取，逾期即视为送达。如不服本判决，可在送达之日起十五日内向本院递交上诉状，并按对方当事人的人数提出副本，上诉于中级人民法院。

本院在审理原告与被告借款合同纠纷一案中，因被告下落不明，现依法向你公告送达民事判决书。限你自公告之日起六十日内来本院领取，逾期即视为送达。如不服本判决，可在送达之日起十五日内向本院递交上诉状，并按对方当事人的人数提出副本，上诉于中级人民法院。

本院在审理原告与被告借款合同纠纷一案中，因被告下落不明，现依法向你公告送达民事判决书。限你自公告之日起六十日内来本院领取，逾期即视为送达。如不服本判决，可在送达之日起十五日内向本院递交上诉状，并按对方当事人的人数提出副本，上诉于中级人民法院。

本院在审理原告与被告借款合同纠纷一案中，因被告下落不明，现依法向你公告送达民事判决书。限你自公告之日起六十日内来本院领取，逾期即视为送达。如不服本判决，可在送达之日起十五日内向本院递交上诉状，并按对方当事人的人数提出副本，上诉于中级人民法院。

本院在审理原告与被告借款合同纠纷一案中，因被告下落不明，现依法向你公告送达民事判决书。限你自公告之日起六十日内来本院领取，逾期即视为送达。如不服本判决，可在送达之日起十五日内向本院递交上诉状，并按对方当事人的人数提出副本，上诉于中级人民法院。

本院在审理原告与被告借款合同纠纷一案中，因被告下落不明，现依法向你公告送达民事判决书。限你自公告之日起六十日内来本院领取，逾期即视为送达。如不服本判决，可在送达之日起十五日内向本院递交上诉状，并按对方当事人的人数提出副本，上诉于中级人民法院。

本院在审理原告与被告借款合同纠纷一案中，因被告下落不明，现依法向你公告送达民事判决书。限你自公告之日起六十日内来本院领取，逾期即视为送达。如不服本判决，可在送达之日起十五日内向本院递交上诉状，并按对方当事人的人数提出副本，上诉于中级人民法院。

本院在审理原告与被告借款合同纠纷一案中，因被告下落不明，现依法向你公告送达民事判决书。限你自公告之日起六十日内来本院领取，逾期即视为送达。如不服本判决，可在送达之日起十五日内向本院递交上诉状，并按对方当事人的人数提出副本，上诉于中级人民法院。

本院在审理原告与被告借款合同纠纷一案中，因被告下落不明，现依法向你公告送达民事判决书。限你自公告之日起六十日内来本院领取，逾期即视为送达。如不服本判决，可在送达之日起十五日内向本院递交上诉状，并按对方当事人的人数提出副本，上诉于中级人民法院。

本院在审理原告与被告借款合同纠纷一案中，因被告下落不明，现依法向你公告送达民事判决书。限你自公告之日起六十日内来本院领取，逾期即视为送达。如不服本判决，可在送达之日起十五日内向本院递交上诉状，并按对方当事人的人数提出副本，上诉于中级人民法院。

本院在审理原告与被告借款合同纠纷一案中，因被告下落不明，现依法向你公告送达民事判决书。限你自公告之日起六十日内来本院领取，逾期即视为送达。如不服本判决，可在送达之日起十五日内向本院递交上诉状，并按对方当事人的人数提出副本，上诉于中级人民法院。

本院在审理原告与被告借款合同纠纷一案中，因被告下落不明，现依法向你公告送达民事判决书。限你自公告之日起六十日内来本院领取，逾期即视为送达。如不服本判决，可在送达之日起十五日内向本院递交上诉状，并按对方当事人的人数提出副本，上诉于中级人民法院。

本院在审理原告与被告借款合同纠纷一案中，因被告下落不明，现依法向你公告送达民事判决书。限你自公告之日起六十日内来本院领取，逾期即视为送达。如不服本判决，可在送达之日起十五日内向本院递交上诉状，并按对方当事人的人数提出副本，上诉于中级人民法院。

本院在审理原告与被告借款合同纠纷一案中，因被告下落不明，现依法向你公告送达民事判决书。限你自公告之日起六十日内来本院领取，逾期即视为送达。如不服本判决，可在送达之日起十五日内向本院递交上诉状，并按对方当事人的人数提出副本，上诉于中级人民法院。

本院在审理原告与被告借款合同纠纷一案中，因被告下落不明，现依法向你公告送达民事判决书。限你自公告之日起六十日内来本院领取，逾期即视为送达。如不服本判决，可在送达之日起十五日内向本院递交上诉状，并按对方当事人的人数提出副本，上诉于中级人民法院。

本院在审理原告与被告借款合同纠纷一案中，因被告下落不明，现依法向你公告送达民事判决书。限你自公告之日起六十日内来本院领取，逾期即视为送达。如不服本判决，可在送达之日起十五日内向本院递交上诉状，并按对方当事人的人数提出副本，上诉于中级人民法院。

本院在审理原告与被告借款合同纠纷一案中，因被告下落不明，现依法向你公告送达民事判决书。限你自公告之日起六十日内来本院领取，逾期即视为送达。如不服本判决，可在送达之日起十五日内向本院递交上诉状，并按对方当事人的人数提出副本，上诉于中级人民法院。

本院在审理原告与被告借款合同纠纷一案中，因被告下落不明，现依法向你公告送达民事判决书。限你自公告之日起六十日内来本院领取，逾期即视为送达。如不服本判决，可在送达之日起十五日内向本院递交上诉状，并按对方当事人的人数提出副本，上诉于中级人民法院。

本院在审理原告与被告借款合同纠纷一案中，因被告下落不明，现依法向你公告送达民事判决书。限你自公告之日起六十日内来本院领取，逾期即视为送达。如不服本判决，可在送达之日起十五日内向本院递交上诉状，并按对方当事人的人数提出副本，上诉于中级人民法院。

本院在审理原告与被告借款合同纠纷一案中，因被告下落不明，现依法向你公告送达民事判决书。限你自公告之日起六十日内来本院领取，逾期即视为送达。如不服本判决，可在送达之日起十五日内向本院递交上诉状，并按对方当事人的人数提出副本，上诉于中级人民法院。

本院在审理原告与被告借款合同纠纷一案中，因被告下落不明，现依法向你公告送达民事判决书。限你自公告之日起六十日内来本院领取，逾期即视为送达。如不服本判决，可在送达之日起十五日内向本院递交上诉状，并按对方当事人的人数提出副本，上诉于中级人民法院。

本院在审理原告与被告借款合同纠纷一案中，因被告下落不明，现依法向你公告送达民事判决书。限你自公告之日起六十日内来本院领取，逾期即视为送达。如不服本判决，可在送达之日起十五日内向本院递交上诉状，并按对方当事人的人数提出副本，上诉于中级人民法院。

本院在审理原告与被告借款合同纠纷一案中，因被告下落不明，现依法向你公告送达民事判决书。限你自公告之日起六十日内来本院领取，逾期即视为送达。如不服本判决，可在送达之日起十五日内向本院递交上诉状，并按对方当事人的人数提出副本，上诉于中级人民法院。

本院在审理原告与被告借款合同纠纷一案中，因被告下落不明，现依法向你公告送达民事判决书。限你自公告之日起六十日内来本院领取，逾期即视为送达。如不服本判决，可在送达之日起十五日内向本院递交上诉状，并按对方当事人的人数提出副本，上诉于中级人民法院。

本院在审理原告与被告借款合同纠纷一案中，因被告下落不明，现依法向你公告送达民事判决书。限你自公告之日起六十日内来本院领取，逾期即视为送达。如不服本判决，可在送达之日起十五日内向本院递交上诉状，并按对方当事人的人数提出副本，上诉于中级人民法院。

本院在审理原告与被告借款合同纠纷一案中，因被告下落不明，现依法向你公告送达民事判决书。限你自公告之日起六十日内来本院领取，逾期即视为送达。如不服本判决，可在送达之日起十五日内向本院递交上诉状，并按对方当事人的人数提出副本，上诉于中级人民法院。

本院在审理原告与被告借款合同纠纷一案中，因被告下落不明，现依法向你公告送达民事判决书。限你自公告之日起六十日内来本院领取，逾期即视为送达。如不服本判决，可在送达之日起十五日内向本院递交上诉状，并按对方当事人的人数提出副本，上诉于中级人民法院。

本院在审理原告与被告借款合同纠纷一案中，因被告下落不明，现依法向你公告送达民事判决书。限你自公告之日起六十日内来本院领取，逾期即视为送达。如不服本判决，可在送达之日起十五日内向本院递交上诉状，并按对方当事人的人数提出副本，上诉于中级人民法院。

本院在审理原告与被告借款合同纠纷一案中，因被告下落不明，现依法向你公告送达民事判决书。限你自公告之日起六十日内来本院领取，逾期即视为送达。如不服本判决，可在送达之日起十五日内向本院递交上诉状，并按对方当事人的人数提出副本，上诉于中级人民法院。

本院在审理原告与被告借款合同纠纷一案中，因被告下落不明，现依法向你公告送达民事判决书。限你自公告之日起六十日内来本院领取，逾期即视为送达。如不服本判决，可在送达之日起十五日内向本院递交上诉状，并按对方当事人的人数提出副本，上诉于中级人民法院。

本院在审理原告与被告借款合同纠纷一案中，因被告下落不明，现依法向你公告送达民事判决书。限你自公告之日起六十日内来本院领取，逾期即视为送达。如不服本判决，可在送达之日起十五日内向本院递交上诉状，并按对方当事人的人数提出副本，上诉于中级人民法院。

本院在审理原告与被告借款合同纠纷一案中，因被告下落不明，现依法向你公告送达民事判决书。限你自公告之日起六十日内来本院领取，逾期即视为送达。如不服本判决，可在送达之日起十五日内向本院递交上诉状，并按对方当事人的人数提出副本，上诉于中级人民法院。

本院在审理原告与被告借款合同纠纷一案中，因被告下落

遗失声明
北京某某人民法院
